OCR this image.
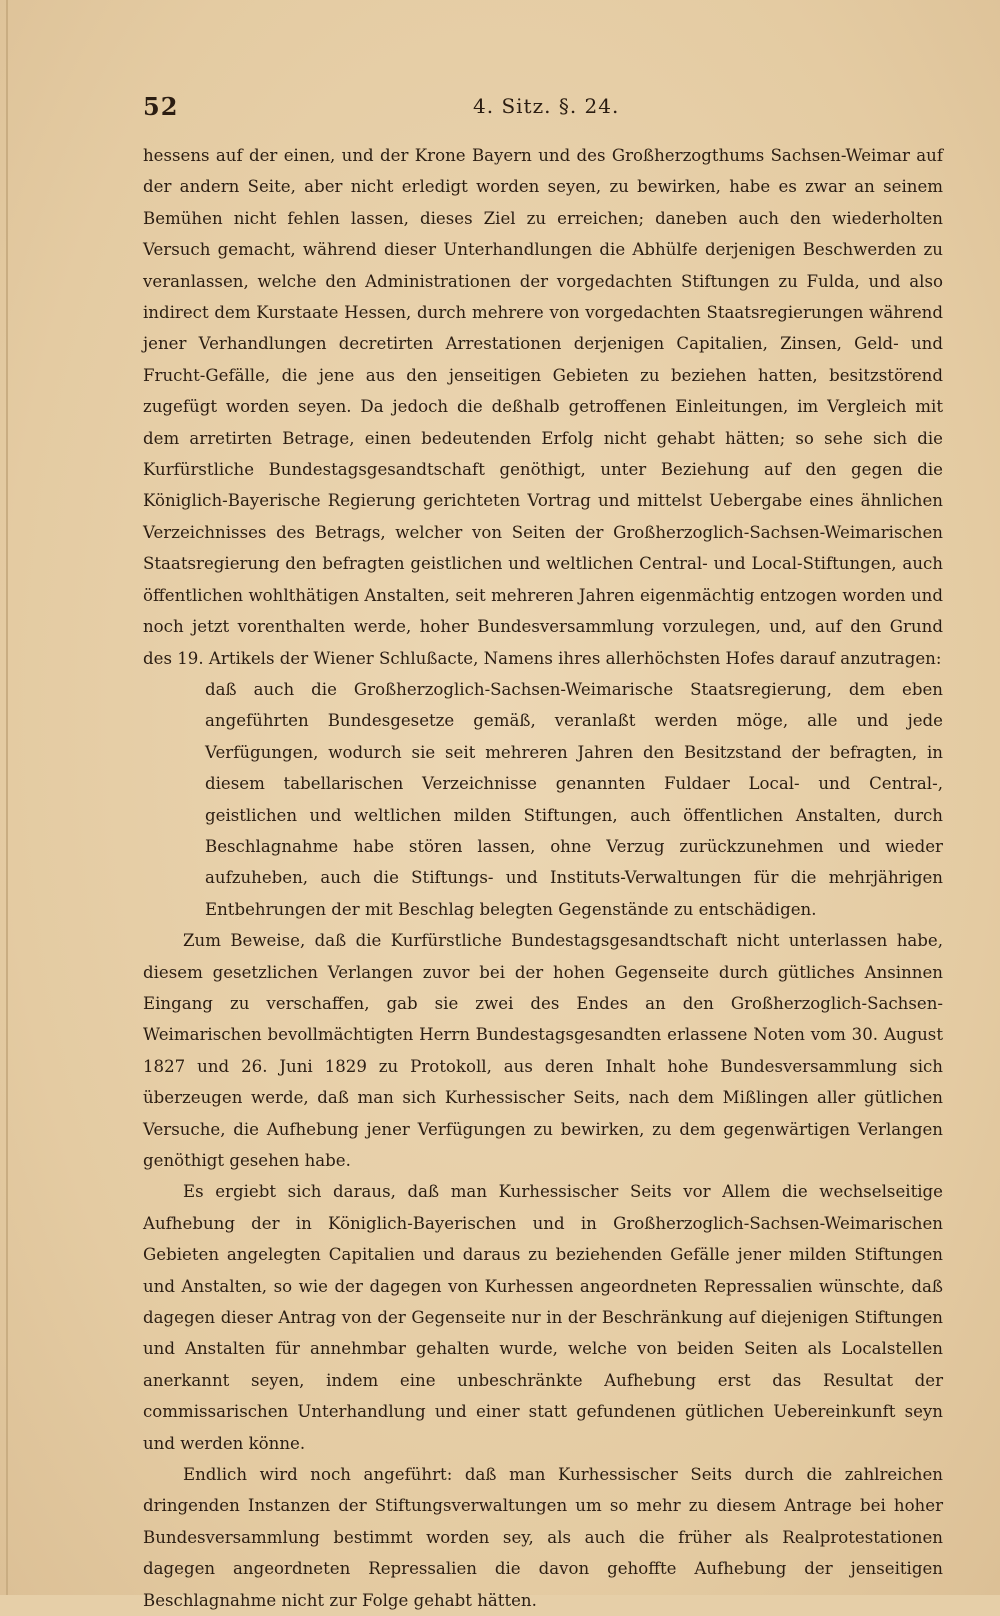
52	4. Sitz. §. 24.

hessens auf der einen, und der Krone Bayern und des Großherzogthums Sachsen-Weimar auf der andern Seite, aber nicht erledigt worden seyen, zu bewirken, habe es zwar an seinem Bemühen nicht fehlen lassen, dieses Ziel zu erreichen; daneben auch den wiederholten Versuch gemacht, während dieser Unterhandlungen die Abhülfe derjenigen Beschwerden zu veranlassen, welche den Administrationen der vorgedachten Stiftungen zu Fulda, und also indirect dem Kurstaate Hessen, durch mehrere von vorgedachten Staatsregierungen während jener Verhandlungen decretirten Arrestationen derjenigen Capitalien, Zinsen, Geld- und Frucht-Gefälle, die jene aus den jenseitigen Gebieten zu beziehen hatten, besitzstörend zugefügt worden seyen. Da jedoch die deßhalb getroffenen Einleitungen, im Vergleich mit dem arretirten Betrage, einen bedeutenden Erfolg nicht gehabt hätten; so sehe sich die Kurfürstliche Bundestagsgesandtschaft genöthigt, unter Beziehung auf den gegen die Königlich-Bayerische Regierung gerichteten Vortrag und mittelst Uebergabe eines ähnlichen Verzeichnisses des Betrags, welcher von Seiten der Großherzoglich-Sachsen-Weimarischen Staatsregierung den befragten geistlichen und weltlichen Central- und Local-Stiftungen, auch öffentlichen wohlthätigen Anstalten, seit mehreren Jahren eigenmächtig entzogen worden und noch jetzt vorenthalten werde, hoher Bundesversammlung vorzulegen, und, auf den Grund des 19. Artikels der Wiener Schlußacte, Namens ihres allerhöchsten Hofes darauf anzutragen:

daß auch die Großherzoglich-Sachsen-Weimarische Staatsregierung, dem eben angeführten Bundesgesetze gemäß, veranlaßt werden möge, alle und jede Verfügungen, wodurch sie seit mehreren Jahren den Besitzstand der befragten, in diesem tabellarischen Verzeichnisse genannten Fuldaer Local- und Central-, geistlichen und weltlichen milden Stiftungen, auch öffentlichen Anstalten, durch Beschlagnahme habe stören lassen, ohne Verzug zurückzunehmen und wieder aufzuheben, auch die Stiftungs- und Instituts-Verwaltungen für die mehrjährigen Entbehrungen der mit Beschlag belegten Gegenstände zu entschädigen.

Zum Beweise, daß die Kurfürstliche Bundestagsgesandtschaft nicht unterlassen habe, diesem gesetzlichen Verlangen zuvor bei der hohen Gegenseite durch gütliches Ansinnen Eingang zu verschaffen, gab sie zwei des Endes an den Großherzoglich-Sachsen-Weimarischen bevollmächtigten Herrn Bundestagsgesandten erlassene Noten vom 30. August 1827 und 26. Juni 1829 zu Protokoll, aus deren Inhalt hohe Bundesversammlung sich überzeugen werde, daß man sich Kurhessischer Seits, nach dem Mißlingen aller gütlichen Versuche, die Aufhebung jener Verfügungen zu bewirken, zu dem gegenwärtigen Verlangen genöthigt gesehen habe.

Es ergiebt sich daraus, daß man Kurhessischer Seits vor Allem die wechselseitige Aufhebung der in Königlich-Bayerischen und in Großherzoglich-Sachsen-Weimarischen Gebieten angelegten Capitalien und daraus zu beziehenden Gefälle jener milden Stiftungen und Anstalten, so wie der dagegen von Kurhessen angeordneten Repressalien wünschte, daß dagegen dieser Antrag von der Gegenseite nur in der Beschränkung auf diejenigen Stiftungen und Anstalten für annehmbar gehalten wurde, welche von beiden Seiten als Localstellen anerkannt seyen, indem eine unbeschränkte Aufhebung erst das Resultat der commissarischen Unterhandlung und einer statt gefundenen gütlichen Uebereinkunft seyn und werden könne.

Endlich wird noch angeführt: daß man Kurhessischer Seits durch die zahlreichen dringenden Instanzen der Stiftungsverwaltungen um so mehr zu diesem Antrage bei hoher Bundesversammlung bestimmt worden sey, als auch die früher als Realprotestationen dagegen angeordneten Repressalien die davon gehoffte Aufhebung der jenseitigen Beschlagnahme nicht zur Folge gehabt hätten.
